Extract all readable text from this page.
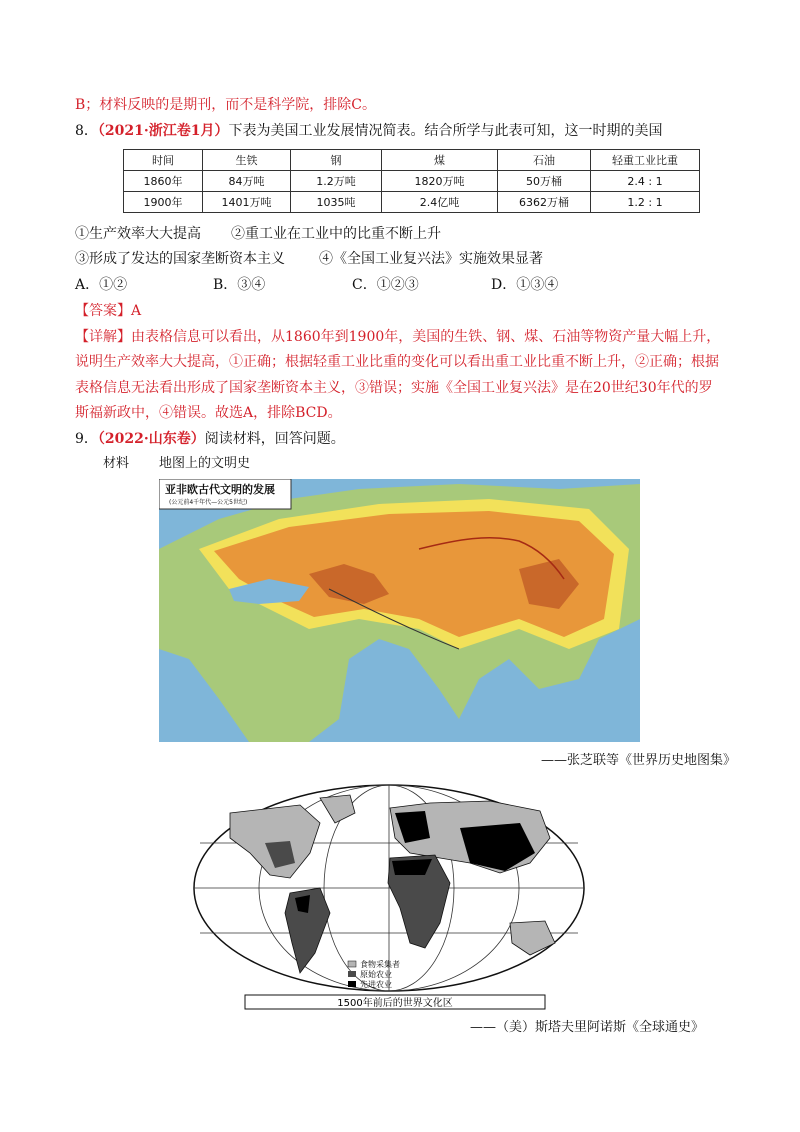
B；材料反映的是期刊，而不是科学院，排除C。
8．（2021·浙江卷1月）下表为美国工业发展情况简表。结合所学与此表可知，这一时期的美国
时间	生铁	钢	煤	石油	轻重工业比重
1860年	84万吨	1.2万吨	1820万吨	50万桶	2.4 : 1
1900年	1401万吨	1035吨	2.4亿吨	6362万桶	1.2 : 1
①生产效率大大提高 ②重工业在工业中的比重不断上升
③形成了发达的国家垄断资本主义 ④《全国工业复兴法》实施效果显著
A．①②	B．③④	C．①②③	D．①③④
【答案】A
【详解】由表格信息可以看出，从1860年到1900年，美国的生铁、钢、煤、石油等物资产量大幅上升，
说明生产效率大大提高，①正确；根据轻重工业比重的变化可以看出重工业比重不断上升，②正确；根据
表格信息无法看出形成了国家垄断资本主义，③错误；实施《全国工业复兴法》是在20世纪30年代的罗
斯福新政中，④错误。故选A，排除BCD。
9．（2022·山东卷）阅读材料，回答问题。
材料 地图上的文明史
亚非欧古代文明的发展
(公元前4千年代—公元5世纪)
——张芝联等《世界历史地图集》
食物采集者
原始农业
先进农业
1500年前后的世界文化区
——（美）斯塔夫里阿诺斯《全球通史》
